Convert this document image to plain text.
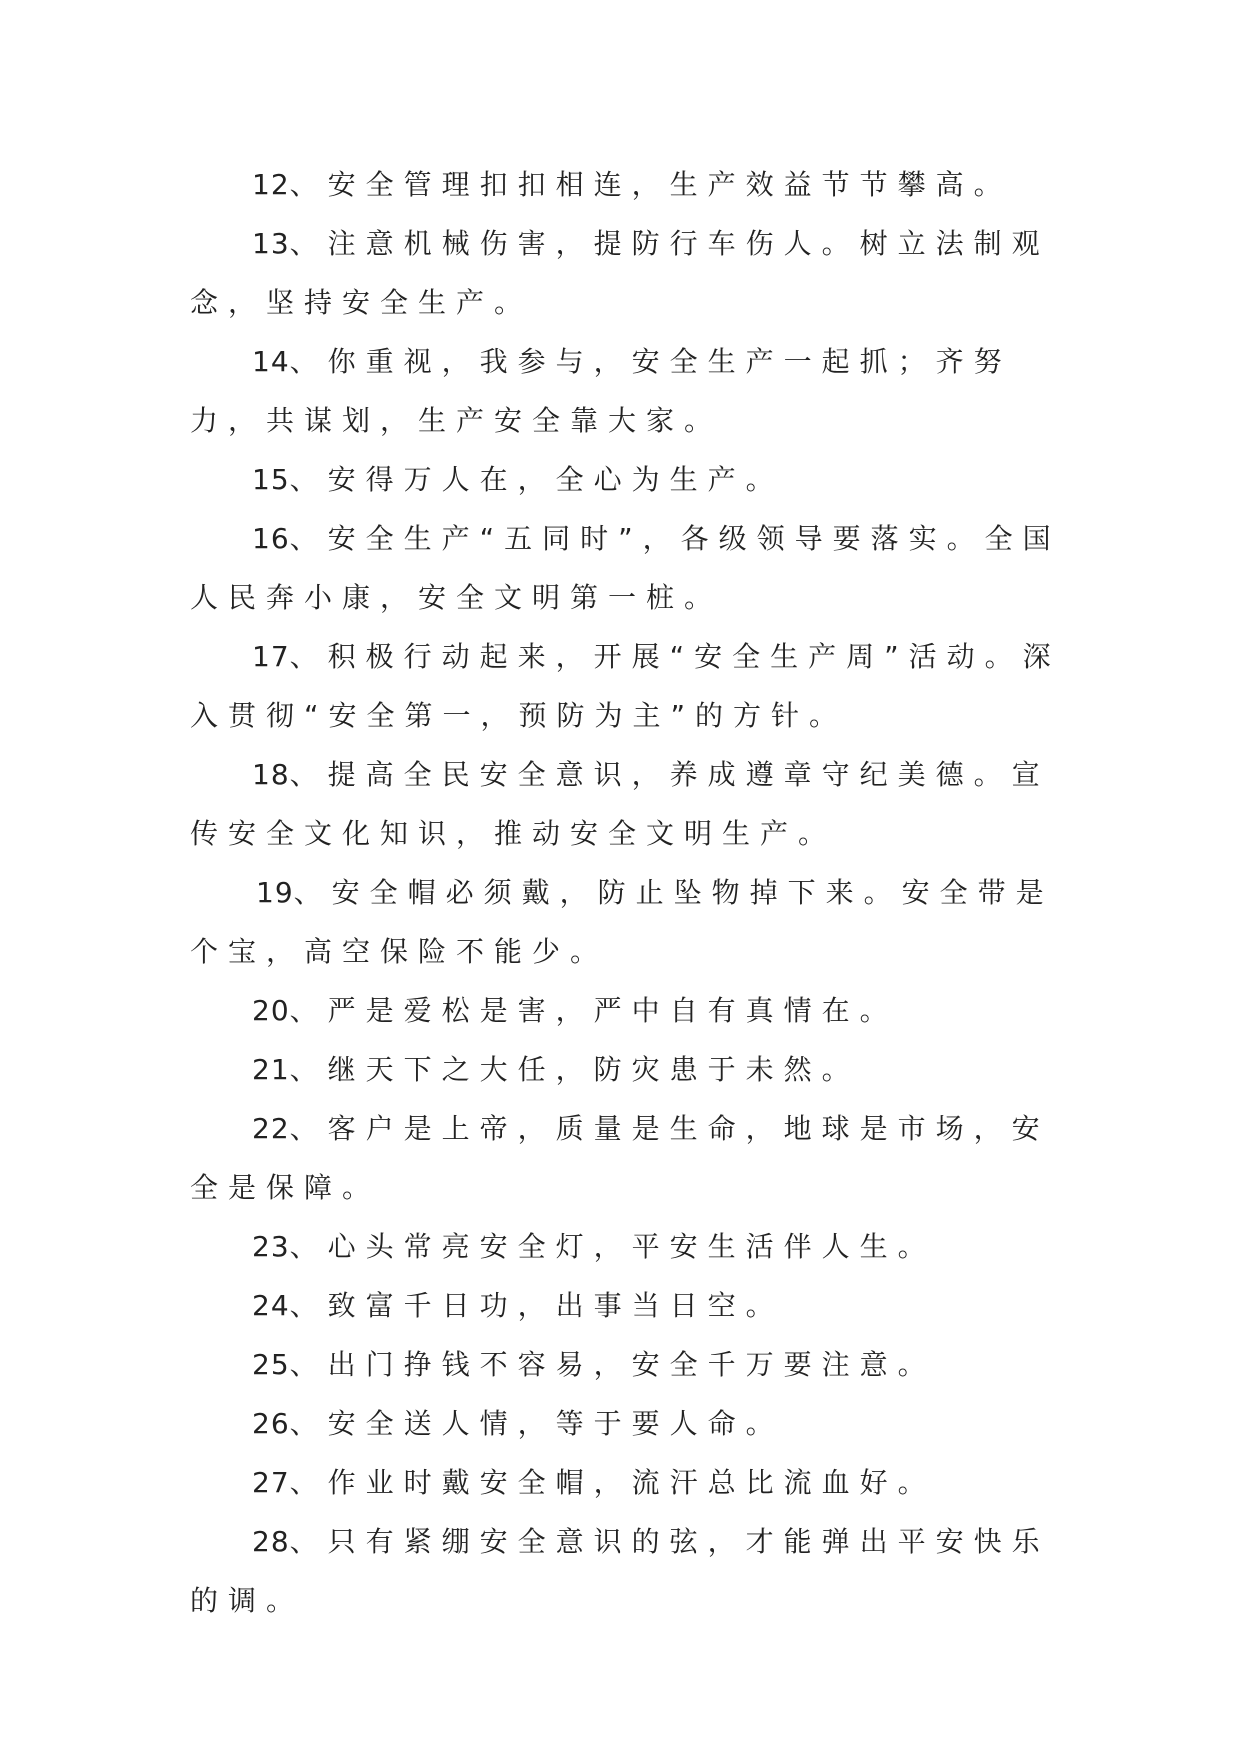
12、安全管理扣扣相连，生产效益节节攀高。

13、注意机械伤害，提防行车伤人。树立法制观念，坚持安全生产。

14、你重视，我参与，安全生产一起抓；齐努力，共谋划，生产安全靠大家。

15、安得万人在，全心为生产。

16、安全生产“五同时”，各级领导要落实。全国人民奔小康，安全文明第一桩。

17、积极行动起来，开展“安全生产周”活动。深入贯彻“安全第一，预防为主”的方针。

18、提高全民安全意识，养成遵章守纪美德。宣传安全文化知识，推动安全文明生产。

19、安全帽必须戴，防止坠物掉下来。安全带是个宝，高空保险不能少。

20、严是爱松是害，严中自有真情在。

21、继天下之大任，防灾患于未然。

22、客户是上帝，质量是生命，地球是市场，安全是保障。

23、心头常亮安全灯，平安生活伴人生。

24、致富千日功，出事当日空。

25、出门挣钱不容易，安全千万要注意。

26、安全送人情，等于要人命。

27、作业时戴安全帽，流汗总比流血好。

28、只有紧绷安全意识的弦，才能弹出平安快乐的调。
